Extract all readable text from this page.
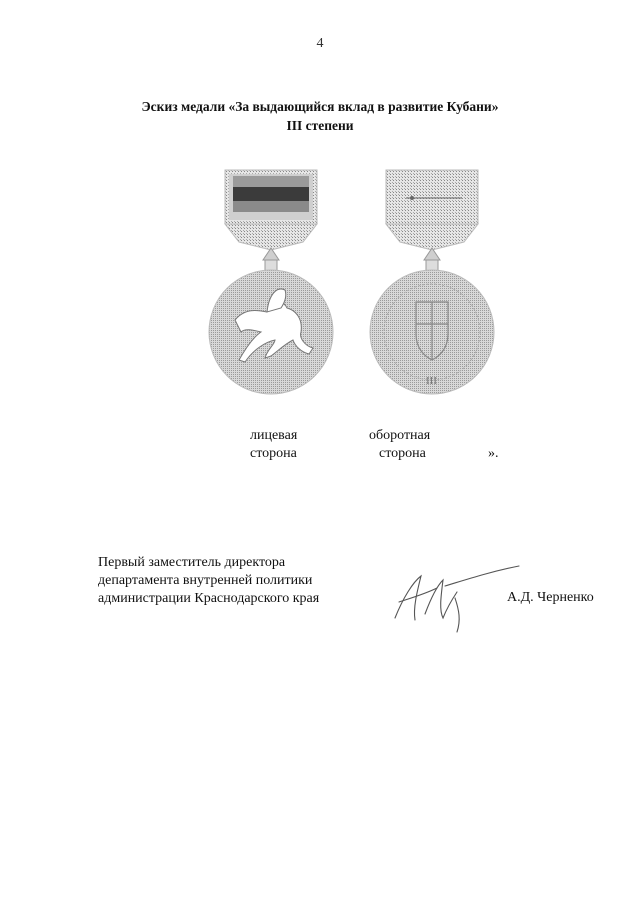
4
Эскиз медали «За выдающийся вклад в развитие Кубани»
III степени
III
лицевая
сторона
оборотная
сторона	».
Первый заместитель директора
департамента внутренней политики
администрации Краснодарского края	А.Д. Черненко
